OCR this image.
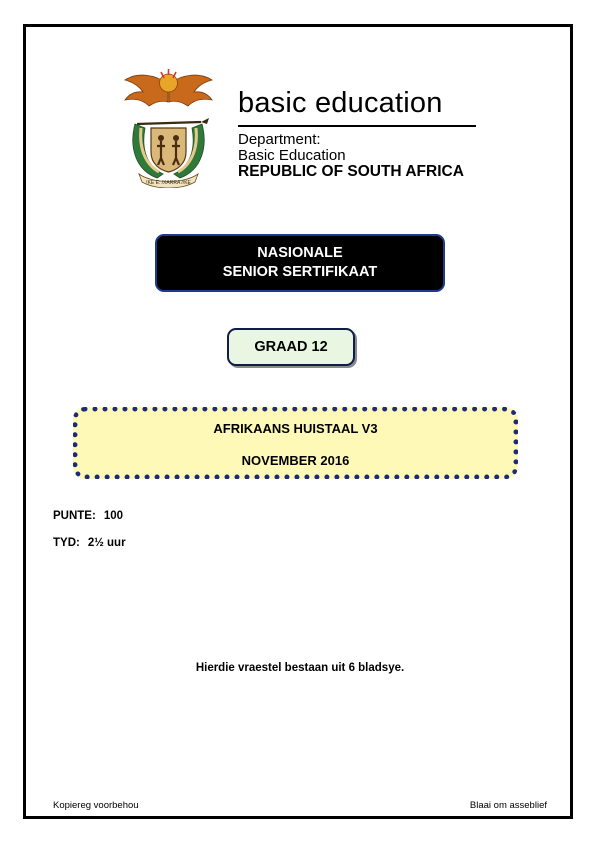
!KE E: /XARRA //KE
basic education
Department:
Basic Education
REPUBLIC OF SOUTH AFRICA
NASIONALE
SENIOR SERTIFIKAAT
GRAAD 12
AFRIKAANS HUISTAAL V3
NOVEMBER 2016
PUNTE: 100
TYD: 2½ uur
Hierdie vraestel bestaan uit 6 bladsye.
Kopiereg voorbehou	Blaai om asseblief
